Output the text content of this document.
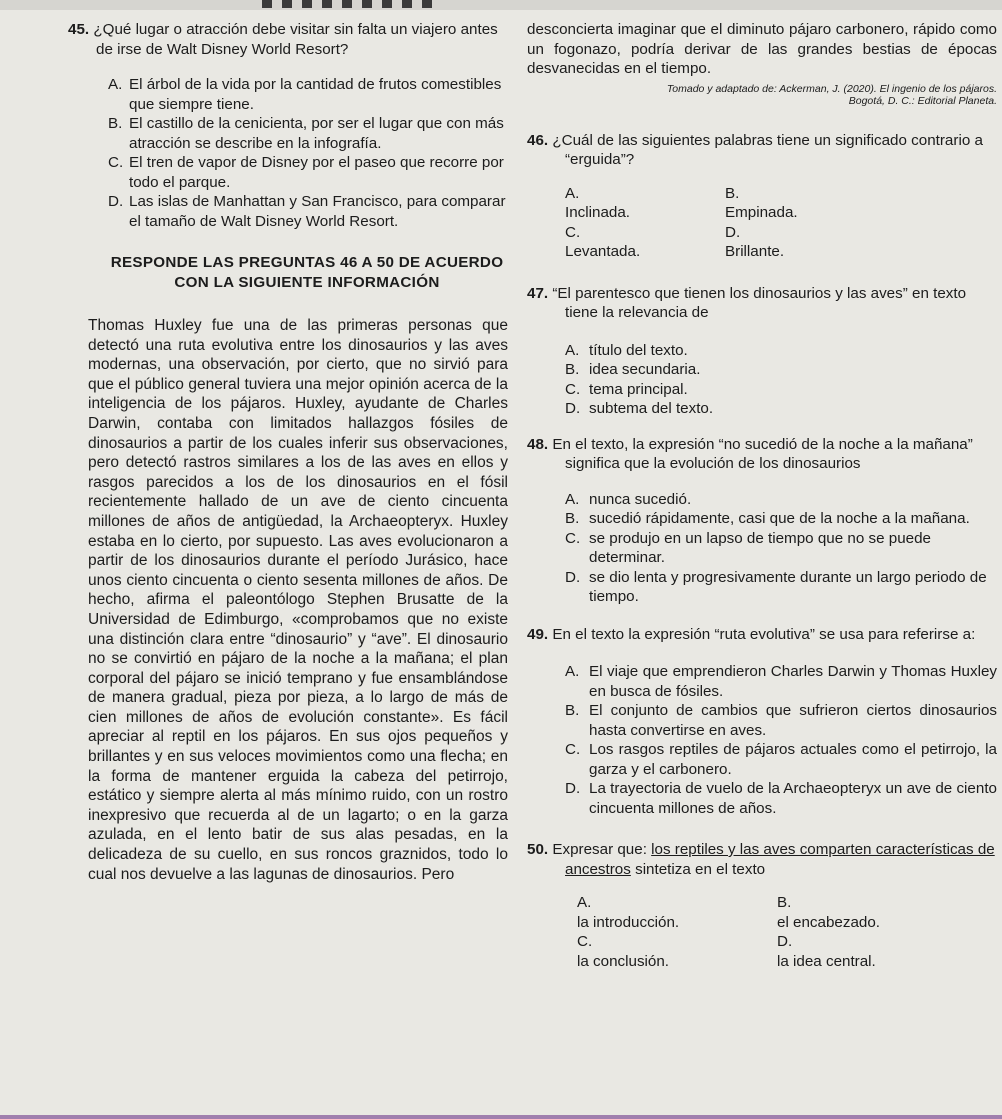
45. ¿Qué lugar o atracción debe visitar sin falta un viajero antes de irse de Walt Disney World Resort?

A. El árbol de la vida por la cantidad de frutos comestibles que siempre tiene.

B. El castillo de la cenicienta, por ser el lugar que con más atracción se describe en la infografía.

C. El tren de vapor de Disney por el paseo que recorre por todo el parque.

D. Las islas de Manhattan y San Francisco, para comparar el tamaño de Walt Disney World Resort.

RESPONDE LAS PREGUNTAS 46 A 50 DE ACUERDO CON LA SIGUIENTE INFORMACIÓN

Thomas Huxley fue una de las primeras personas que detectó una ruta evolutiva entre los dinosaurios y las aves modernas, una observación, por cierto, que no sirvió para que el público general tuviera una mejor opinión acerca de la inteligencia de los pájaros. Huxley, ayudante de Charles Darwin, contaba con limitados hallazgos fósiles de dinosaurios a partir de los cuales inferir sus observaciones, pero detectó rastros similares a los de las aves en ellos y rasgos parecidos a los de los dinosaurios en el fósil recientemente hallado de un ave de ciento cincuenta millones de años de antigüedad, la Archaeopteryx. Huxley estaba en lo cierto, por supuesto. Las aves evolucionaron a partir de los dinosaurios durante el período Jurásico, hace unos ciento cincuenta o ciento sesenta millones de años. De hecho, afirma el paleontólogo Stephen Brusatte de la Universidad de Edimburgo, «comprobamos que no existe una distinción clara entre “dinosaurio” y “ave”. El dinosaurio no se convirtió en pájaro de la noche a la mañana; el plan corporal del pájaro se inició temprano y fue ensamblándose de manera gradual, pieza por pieza, a lo largo de más de cien millones de años de evolución constante». Es fácil apreciar al reptil en los pájaros. En sus ojos pequeños y brillantes y en sus veloces movimientos como una flecha; en la forma de mantener erguida la cabeza del petirrojo, estático y siempre alerta al más mínimo ruido, con un rostro inexpresivo que recuerda al de un lagarto; o en la garza azulada, en el lento batir de sus alas pesadas, en la delicadeza de su cuello, en sus roncos graznidos, todo lo cual nos devuelve a las lagunas de dinosaurios. Pero

desconcierta imaginar que el diminuto pájaro carbonero, rápido como un fogonazo, podría derivar de las grandes bestias de épocas desvanecidas en el tiempo.

Tomado y adaptado de: Ackerman, J. (2020). El ingenio de los pájaros.

Bogotá, D. C.: Editorial Planeta.

46. ¿Cuál de las siguientes palabras tiene un significado contrario a “erguida”?

A.
Inclinada.
B.
Empinada.
C.
Levantada.
D.
Brillante.

47. “El parentesco que tienen los dinosaurios y las aves” en texto tiene la relevancia de

A. título del texto.

B. idea secundaria.

C. tema principal.

D. subtema del texto.

48. En el texto, la expresión “no sucedió de la noche a la mañana” significa que la evolución de los dinosaurios

A. nunca sucedió.

B. sucedió rápidamente, casi que de la noche a la mañana.

C. se produjo en un lapso de tiempo que no se puede determinar.

D. se dio lenta y progresivamente durante un largo periodo de tiempo.

49. En el texto la expresión “ruta evolutiva” se usa para referirse a:

A. El viaje que emprendieron Charles Darwin y Thomas Huxley en busca de fósiles.

B. El conjunto de cambios que sufrieron ciertos dinosaurios hasta convertirse en aves.

C. Los rasgos reptiles de pájaros actuales como el petirrojo, la garza y el carbonero.

D. La trayectoria de vuelo de la Archaeopteryx un ave de ciento cincuenta millones de años.

50. Expresar que: los reptiles y las aves comparten características de ancestros sintetiza en el texto

A.
la introducción.
B.
el encabezado.
C.
la conclusión.
D.
la idea central.
